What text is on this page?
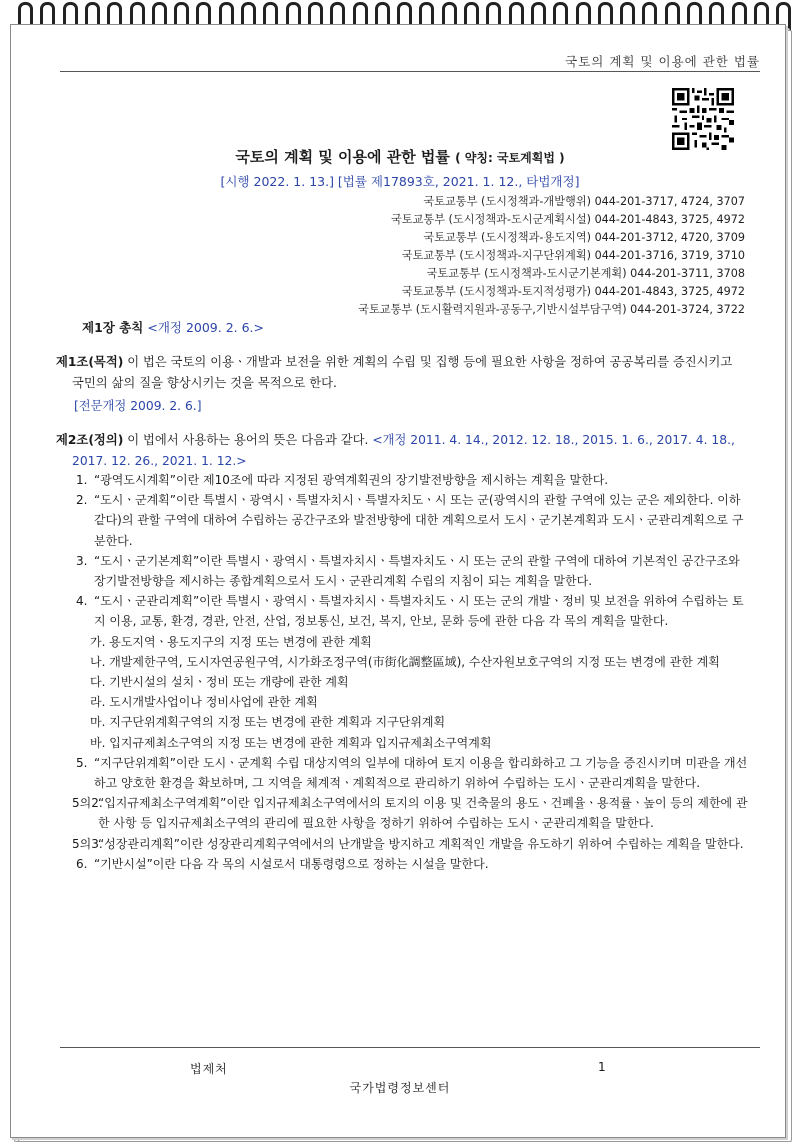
국토의 계획 및 이용에 관한 법률
국토의 계획 및 이용에 관한 법률 ( 약칭: 국토계획법 )
[시행 2022. 1. 13.] [법률 제17893호, 2021. 1. 12., 타법개정]
국토교통부 (도시정책과-개발행위) 044-201-3717, 4724, 3707
국토교통부 (도시정책과-도시군계획시설) 044-201-4843, 3725, 4972
국토교통부 (도시정책과-용도지역) 044-201-3712, 4720, 3709
국토교통부 (도시정책과-지구단위계획) 044-201-3716, 3719, 3710
국토교통부 (도시정책과-도시군기본계획) 044-201-3711, 3708
국토교통부 (도시정책과-토지적성평가) 044-201-4843, 3725, 4972
국토교통부 (도시활력지원과-공동구,기반시설부담구역) 044-201-3724, 3722
제1장 총칙 <개정 2009. 2. 6.>
제1조(목적) 이 법은 국토의 이용ㆍ개발과 보전을 위한 계획의 수립 및 집행 등에 필요한 사항을 정하여 공공복리를 증진시키고 국민의 삶의 질을 향상시키는 것을 목적으로 한다.
[전문개정 2009. 2. 6.]
제2조(정의) 이 법에서 사용하는 용어의 뜻은 다음과 같다. <개정 2011. 4. 14., 2012. 12. 18., 2015. 1. 6., 2017. 4. 18., 2017. 12. 26., 2021. 1. 12.>
1. “광역도시계획”이란 제10조에 따라 지정된 광역계획권의 장기발전방향을 제시하는 계획을 말한다.
2. “도시ㆍ군계획”이란 특별시ㆍ광역시ㆍ특별자치시ㆍ특별자치도ㆍ시 또는 군(광역시의 관할 구역에 있는 군은 제외한다. 이하 같다)의 관할 구역에 대하여 수립하는 공간구조와 발전방향에 대한 계획으로서 도시ㆍ군기본계획과 도시ㆍ군관리계획으로 구분한다.
3. “도시ㆍ군기본계획”이란 특별시ㆍ광역시ㆍ특별자치시ㆍ특별자치도ㆍ시 또는 군의 관할 구역에 대하여 기본적인 공간구조와 장기발전방향을 제시하는 종합계획으로서 도시ㆍ군관리계획 수립의 지침이 되는 계획을 말한다.
4. “도시ㆍ군관리계획”이란 특별시ㆍ광역시ㆍ특별자치시ㆍ특별자치도ㆍ시 또는 군의 개발ㆍ정비 및 보전을 위하여 수립하는 토지 이용, 교통, 환경, 경관, 안전, 산업, 정보통신, 보건, 복지, 안보, 문화 등에 관한 다음 각 목의 계획을 말한다.
가. 용도지역ㆍ용도지구의 지정 또는 변경에 관한 계획
나. 개발제한구역, 도시자연공원구역, 시가화조정구역(市街化調整區域), 수산자원보호구역의 지정 또는 변경에 관한 계획
다. 기반시설의 설치ㆍ정비 또는 개량에 관한 계획
라. 도시개발사업이나 정비사업에 관한 계획
마. 지구단위계획구역의 지정 또는 변경에 관한 계획과 지구단위계획
바. 입지규제최소구역의 지정 또는 변경에 관한 계획과 입지규제최소구역계획
5. “지구단위계획”이란 도시ㆍ군계획 수립 대상지역의 일부에 대하여 토지 이용을 합리화하고 그 기능을 증진시키며 미관을 개선하고 양호한 환경을 확보하며, 그 지역을 체계적ㆍ계획적으로 관리하기 위하여 수립하는 도시ㆍ군관리계획을 말한다.
5의2.
“입지규제최소구역계획”이란 입지규제최소구역에서의 토지의 이용 및 건축물의 용도ㆍ건폐율ㆍ용적률ㆍ높이 등의 제한에 관한 사항 등 입지규제최소구역의 관리에 필요한 사항을 정하기 위하여 수립하는 도시ㆍ군관리계획을 말한다.
5의3.
“성장관리계획”이란 성장관리계획구역에서의 난개발을 방지하고 계획적인 개발을 유도하기 위하여 수립하는 계획을 말한다.
6. “기반시설”이란 다음 각 목의 시설로서 대통령령으로 정하는 시설을 말한다.
법제처	1
국가법령정보센터
